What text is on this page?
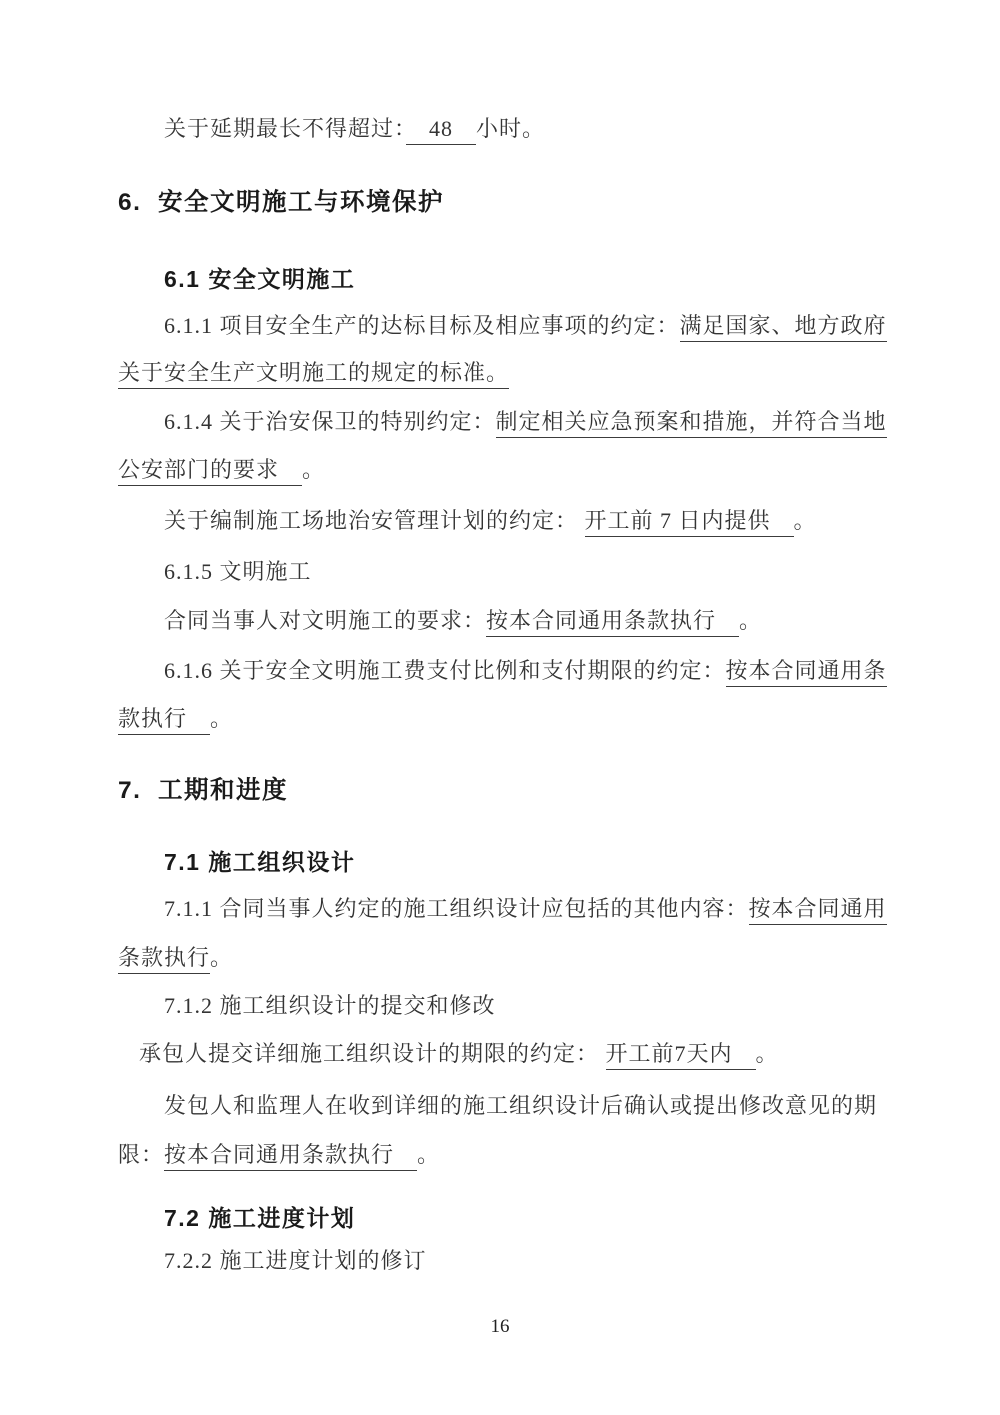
关于延期最长不得超过：　48　小时。
6.  安全文明施工与环境保护
6.1 安全文明施工
6.1.1 项目安全生产的达标目标及相应事项的约定：满足国家、地方政府
关于安全生产文明施工的规定的标准。
6.1.4 关于治安保卫的特别约定：制定相关应急预案和措施，并符合当地
公安部门的要求　。
关于编制施工场地治安管理计划的约定： 开工前 7 日内提供　。
6.1.5 文明施工
合同当事人对文明施工的要求：按本合同通用条款执行　。
6.1.6 关于安全文明施工费支付比例和支付期限的约定：按本合同通用条
款执行　。
7.  工期和进度
7.1 施工组织设计
7.1.1 合同当事人约定的施工组织设计应包括的其他内容：按本合同通用
条款执行。
7.1.2 施工组织设计的提交和修改
承包人提交详细施工组织设计的期限的约定： 开工前7天内　。
发包人和监理人在收到详细的施工组织设计后确认或提出修改意见的期
限：按本合同通用条款执行　。
7.2 施工进度计划
7.2.2 施工进度计划的修订
16
